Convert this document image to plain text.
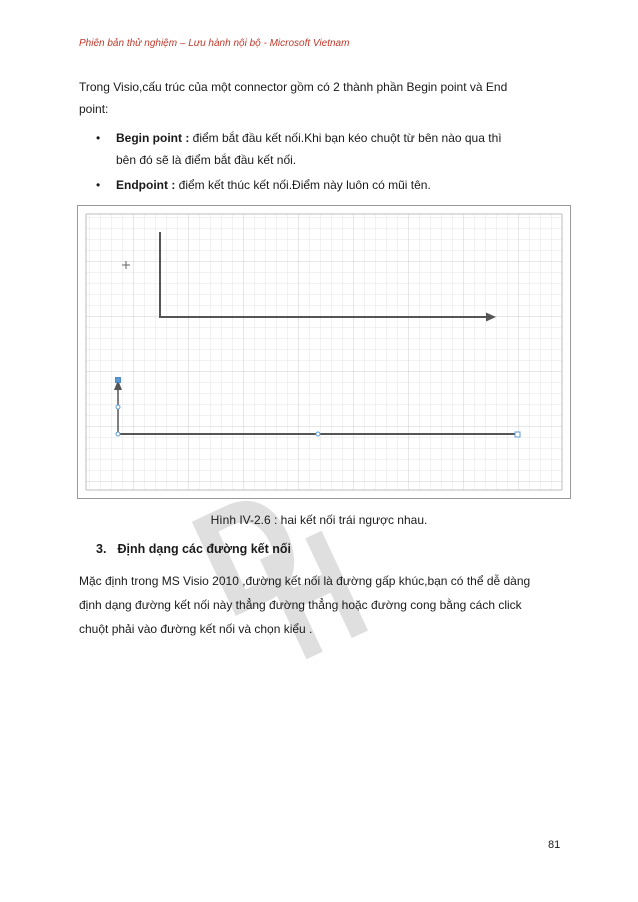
Phiên bản thử nghiệm – Lưu hành nội bộ - Microsoft Vietnam

Trong Visio,cấu trúc của một connector gồm có 2 thành phần Begin point và End

point:

• Begin point : điểm bắt đầu kết nối.Khi bạn kéo chuột từ bên nào qua thì
bên đó sẽ là điểm bắt đầu kết nối.
• Endpoint : điểm kết thúc kết nối.Điểm này luôn có mũi tên.
Hình IV-2.6 : hai kết nối trái ngược nhau.
3. Định dạng các đường kết nối

Mặc định trong MS Visio 2010 ,đường kết nối là đường gấp khúc,bạn có thể dễ dàng

định dạng đường kết nối này thẳng đường thẳng hoặc đường cong bằng cách click

chuột phải vào đường kết nối và chọn kiểu .

81
